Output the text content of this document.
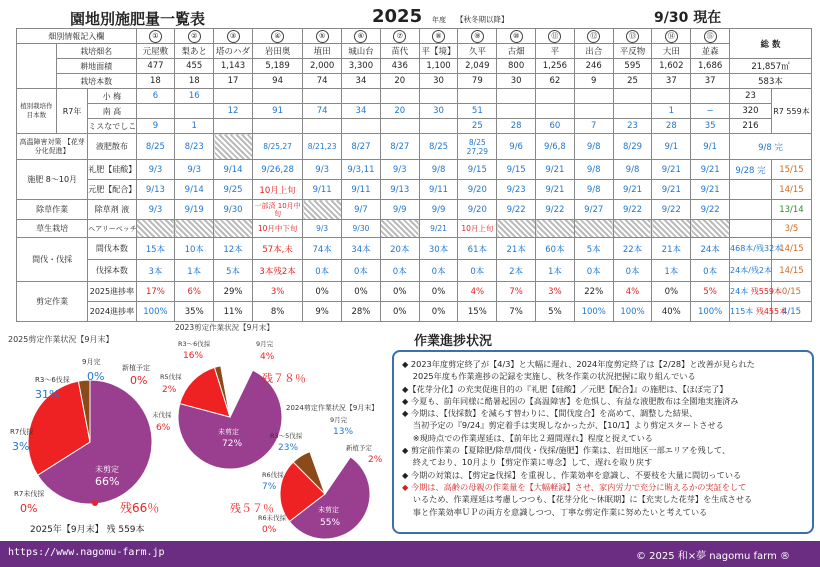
園地別施肥量一覧表	2025 年度 【秋冬期以降】	9/30 現在
畑別情報記入欄			①	②	③	④	⑤	⑥	⑦	⑧	⑨	⑩	⑪	⑫	⑬	⑭	⑮	総 数	
	栽培畑名		元屋敷	梨あと	塔のハダ	岩田奥	埴田	城山台	苗代	平【境】	久平	古畑	平	出合	平反物	大田	並森		
	耕地面積		477	455	1,143	5,189	2,000	3,300	436	1,100	2,049	800	1,256	246	595	1,602	1,686	21,857㎡	
	栽培本数		18	18	17	94	74	34	20	30	79	30	62	9	25	37	37	583本	
植別栽培作目本数	R7年	小 梅	6	16														23	R7 559本
		南 高			12	91	74	34	20	30	51					1	−	320	
		ミスなでしこ	9	1							25	28	60	7	23	28	35	216	
高温障害対策 【花芽分化促進】		液肥散布	8/25	8/23		8/25,27	8/21,23	8/27	8/27	8/25	8/25 27,29	9/6	9/6,8	9/8	8/29	9/1	9/1	9/8 完	
施肥 8〜10月		礼肥【硅酸】	9/3	9/3	9/14	9/26,28	9/3	9/3,11	9/3	9/8	9/15	9/15	9/21	9/8	9/8	9/21	9/21	9/28 完	15/15
		元肥【配合】	9/13	9/14	9/25	10月上旬	9/11	9/11	9/13	9/11	9/20	9/23	9/21	9/8	9/21	9/21	9/21		14/15
除草作業		除草剤 液	9/3	9/19	9/30	一部済 10月中旬		9/7	9/9	9/9	9/20	9/22	9/22	9/27	9/22	9/22	9/22		13/14
草生栽培		ヘアリーベッチ				10月中下旬	9/3	9/30		9/21	10月上旬								3/5
間伐・伐採		間伐本数	15本	10本	12本	57本,未	74本	34本	20本	30本	61本	21本	60本	5本	22本	21本	24本	468本/残32本	14/15
		伐採本数	3本	1本	5本	3本残2本	0本	0本	0本	0本	0本	2本	1本	0本	0本	1本	0本	24本/残2本	14/15
剪定作業		2025進捗率	17%	6%	29%	3%	0%	0%	0%	0%	4%	7%	3%	22%	4%	0%	5%	24本 残559本	0/15
		2024進捗率	100%	35%	11%	8%	9%	28%	0%	0%	15%	7%	5%	100%	100%	40%	100%	115本 残455本	4/15
2025剪定作業状況【9月末】
未剪定
66%
R3〜6伐採
31%
R7伐採
3%
R7未伐採
0%
9月完
0%
新植予定
0%
残66％
2025年【9月末】 残 559本
2023剪定作業状況【9月末】
未剪定
72%
R3〜6伐採
16%
R5伐採
2%
未伐採
6%
9月完
4%
残７８％
2024剪定作業状況【9月末】
未剪定
55%
R3〜5伐採
23%
R6伐採
7%
R6未伐採
0%
9月完
13%
新植予定
2%
残５７％
作業進捗状況

◆ 2023年度剪定終了が【4/3】と大幅に遅れ、2024年度剪定終了は【2/28】と改善が見られた

　 2025年度も作業進捗の記録を実施し、秋冬作業の状況把握に取り組んでいる

◆【花芽分化】の充実促進目的の『礼肥【硅酸】／元肥【配合】』の施肥は、【ほぼ完了】

◆ 今夏も、前年同様に酷暑起因の【高温障害】を危惧し、有益な液肥散布は全園地実施済み

◆ 今期は、【伐採数】を減らす替わりに、【間伐度合】を高めて、調整した結果、

　 当初予定の『9/24』剪定着手は実現しなかったが、【10/1】より剪定スタートさせる

　 ※現時点での作業遅延は、【前年比２週間遅れ】程度と捉えている

◆ 剪定前作業の【夏除肥/除草/間伐・伐採/施肥】作業は、岩田地区一部エリアを残して、

　 終えており、10月より【剪定作業に専念】して、遅れを取り戻す

◆ 今期の対策は、【剪定≧伐採】を重視し、作業効率を意識し、不要枝を大量に間切っている

◆ 今期は、高齢の母親の作業量を【大幅軽減】させ、家内労力で充分に賄えるかの実証をして

　 いるため、作業遅延は考慮しつつも、【花芽分化〜休眠期】に【充実した花芽】を生成させる

　 事と作業効率ＵＰの両方を意識しつつ、丁寧な剪定作業に努めたいと考えている

https://www.nagomu-farm.jp	© 2025 和×夢 nagomu farm ®
